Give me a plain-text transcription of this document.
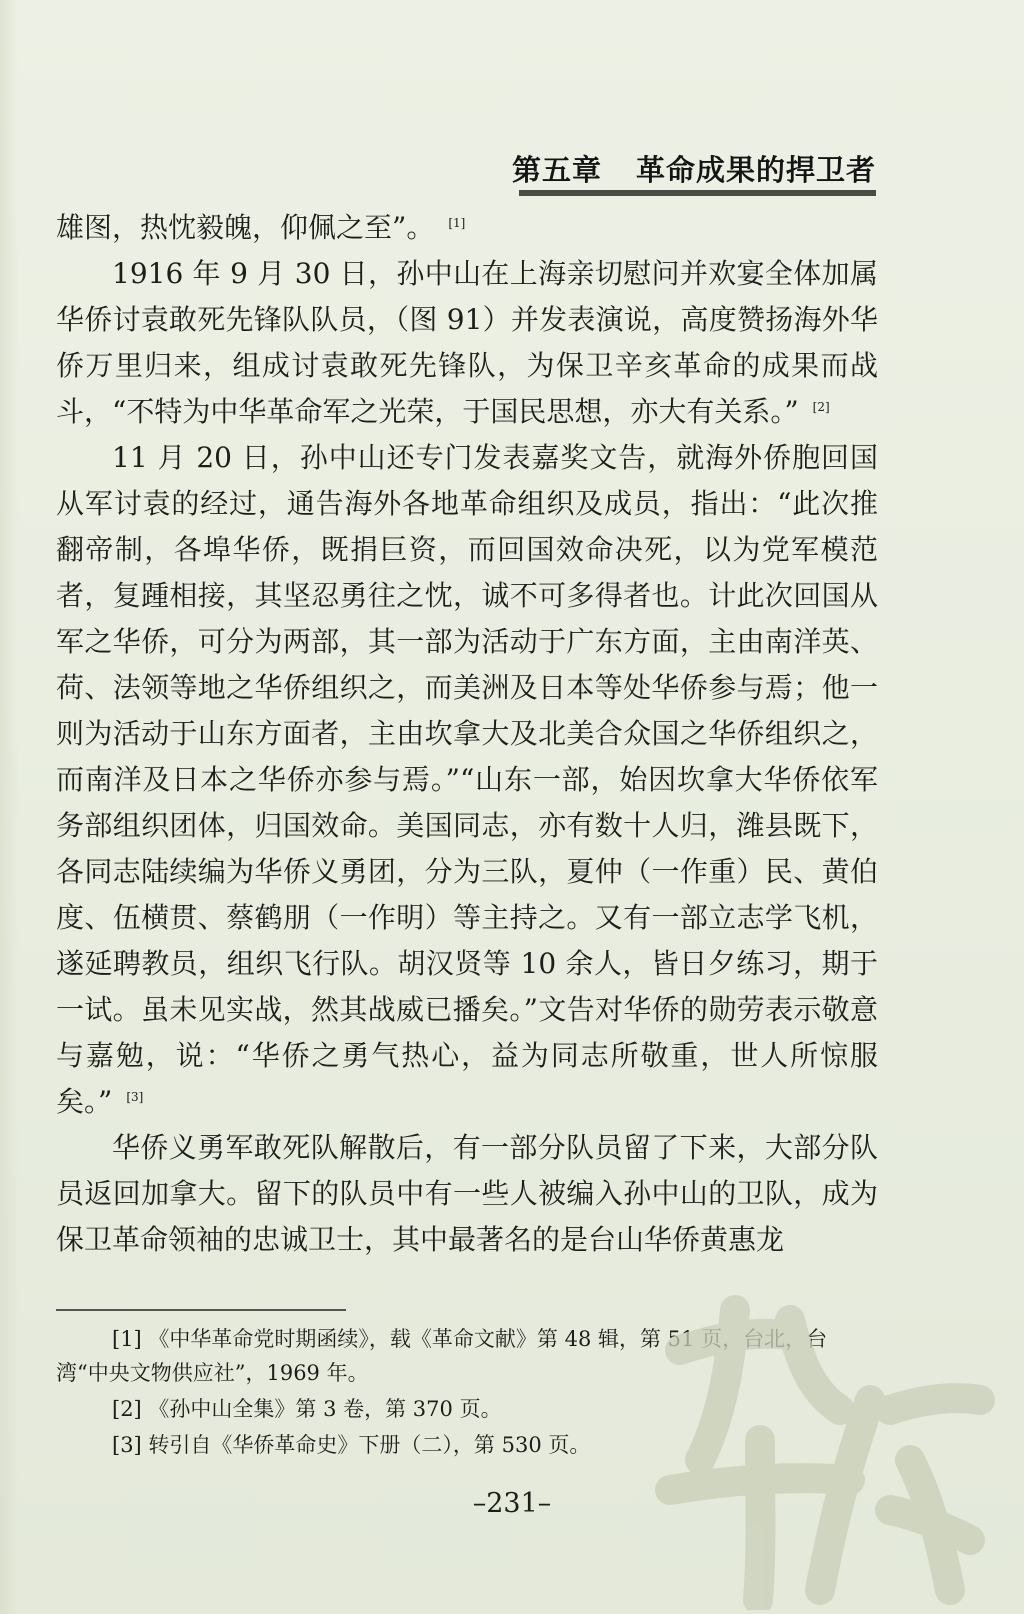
第五章 革命成果的捍卫者

雄图，热忱毅魄，仰佩之至”。 [1]

1916 年 9 月 30 日，孙中山在上海亲切慰问并欢宴全体加属华侨讨袁敢死先锋队队员，（图 91）并发表演说，高度赞扬海外华侨万里归来，组成讨袁敢死先锋队，为保卫辛亥革命的成果而战斗，“不特为中华革命军之光荣，于国民思想，亦大有关系。” [2]

11 月 20 日，孙中山还专门发表嘉奖文告，就海外侨胞回国从军讨袁的经过，通告海外各地革命组织及成员，指出：“此次推翻帝制，各埠华侨，既捐巨资，而回国效命决死，以为党军模范者，复踵相接，其坚忍勇往之忱，诚不可多得者也。计此次回国从军之华侨，可分为两部，其一部为活动于广东方面，主由南洋英、荷、法领等地之华侨组织之，而美洲及日本等处华侨参与焉；他一则为活动于山东方面者，主由坎拿大及北美合众国之华侨组织之，而南洋及日本之华侨亦参与焉。”“山东一部，始因坎拿大华侨依军务部组织团体，归国效命。美国同志，亦有数十人归，潍县既下，各同志陆续编为华侨义勇团，分为三队，夏仲（一作重）民、黄伯度、伍横贯、蔡鹤朋（一作明）等主持之。又有一部立志学飞机，遂延聘教员，组织飞行队。胡汉贤等 10 余人，皆日夕练习，期于一试。虽未见实战，然其战威已播矣。”文告对华侨的勋劳表示敬意与嘉勉，说：“华侨之勇气热心，益为同志所敬重，世人所惊服矣。” [3]

华侨义勇军敢死队解散后，有一部分队员留了下来，大部分队员返回加拿大。留下的队员中有一些人被编入孙中山的卫队，成为保卫革命领袖的忠诚卫士，其中最著名的是台山华侨黄惠龙

[1] 《中华革命党时期函续》，载《革命文献》第 48 辑，第 51 页，台北，台湾“中央文物供应社”，1969 年。

[2] 《孙中山全集》第 3 卷，第 370 页。

[3] 转引自《华侨革命史》下册（二），第 530 页。

–231–
